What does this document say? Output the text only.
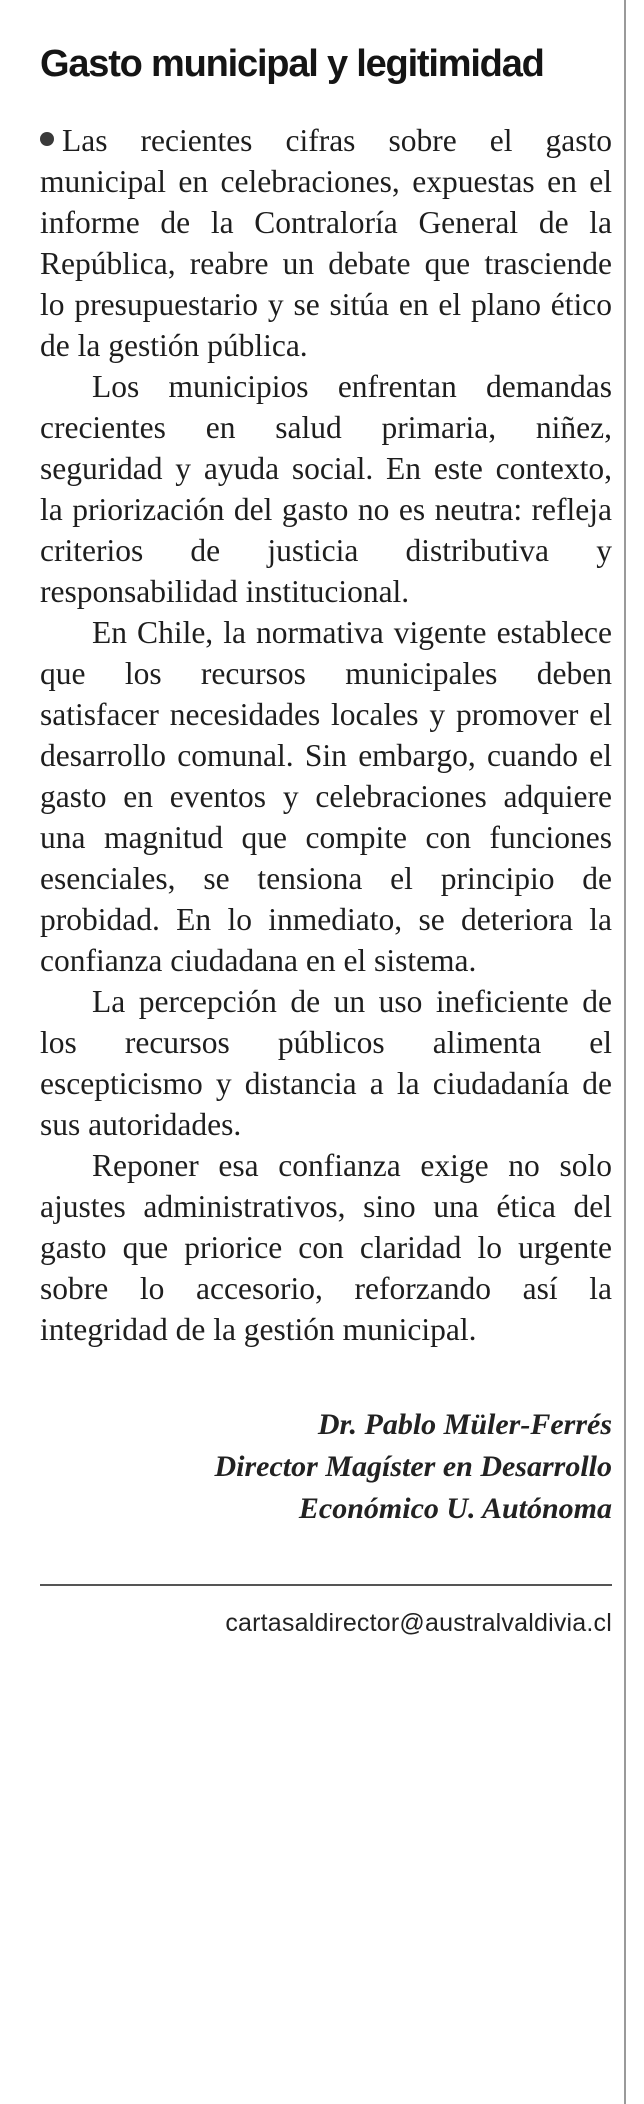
Gasto municipal y legitimidad

Las recientes cifras sobre el gasto municipal en celebraciones, expuestas en el informe de la Contraloría General de la República, reabre un debate que trasciende lo presupuestario y se sitúa en el plano ético de la gestión pública.

Los municipios enfrentan demandas crecientes en salud primaria, niñez, seguridad y ayuda social. En este contexto, la priorización del gasto no es neutra: refleja criterios de justicia distributiva y responsabilidad institucional.

En Chile, la normativa vigente establece que los recursos municipales deben satisfacer necesidades locales y promover el desarrollo comunal. Sin embargo, cuando el gasto en eventos y celebraciones adquiere una magnitud que compite con funciones esenciales, se tensiona el principio de probidad. En lo inmediato, se deteriora la confianza ciudadana en el sistema.

La percepción de un uso ineficiente de los recursos públicos alimenta el escepticismo y distancia a la ciudadanía de sus autoridades.

Reponer esa confianza exige no solo ajustes administrativos, sino una ética del gasto que priorice con claridad lo urgente sobre lo accesorio, reforzando así la integridad de la gestión municipal.

Dr. Pablo Müler-Ferrés
Director Magíster en Desarrollo
Económico U. Autónoma
cartasaldirector@australvaldivia.cl
